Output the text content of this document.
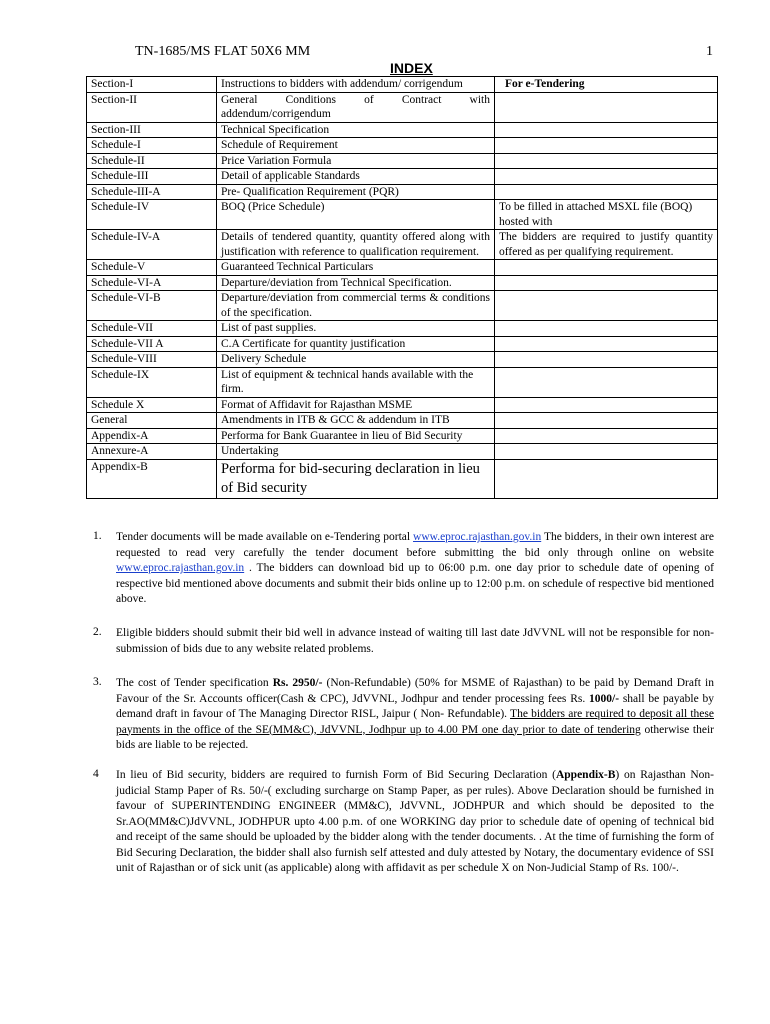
TN-1685/MS FLAT 50X6 MM	1
INDEX
Section-I	Instructions to bidders with addendum/ corrigendum	For e-Tendering
Section-II	General Conditions of Contract with addendum/corrigendum	
Section-III	Technical Specification	
Schedule-I	Schedule of Requirement	
Schedule-II	Price Variation Formula	
Schedule-III	Detail of applicable Standards	
Schedule-III-A	Pre- Qualification Requirement (PQR)	
Schedule-IV	BOQ (Price Schedule)	To be filled in attached MSXL file (BOQ) hosted with
Schedule-IV-A	Details of tendered quantity, quantity offered along with justification with reference to qualification requirement.	The bidders are required to justify quantity offered as per qualifying requirement.
Schedule-V	Guaranteed Technical Particulars	
Schedule-VI-A	Departure/deviation from Technical Specification.	
Schedule-VI-B	Departure/deviation from commercial terms & conditions of the specification.	
Schedule-VII	List of past supplies.	
Schedule-VII A	C.A Certificate for quantity justification	
Schedule-VIII	Delivery Schedule	
Schedule-IX	List of equipment & technical hands available with the firm.	
Schedule X	Format of Affidavit for Rajasthan MSME	
General	Amendments in ITB & GCC & addendum in ITB	
Appendix-A	Performa for Bank Guarantee in lieu of Bid Security	
Annexure-A	Undertaking	
Appendix-B	Performa for bid-securing declaration in lieu of Bid security	
1. Tender documents will be made available on e-Tendering portal www.eproc.rajasthan.gov.in The bidders, in their own interest are requested to read very carefully the tender document before submitting the bid only through online on website www.eproc.rajasthan.gov.in . The bidders can download bid up to 06:00 p.m. one day prior to schedule date of opening of respective bid mentioned above documents and submit their bids online up to 12:00 p.m. on schedule of respective bid mentioned above.
2. Eligible bidders should submit their bid well in advance instead of waiting till last date JdVVNL will not be responsible for non-submission of bids due to any website related problems.
3. The cost of Tender specification Rs. 2950/- (Non-Refundable) (50% for MSME of Rajasthan) to be paid by Demand Draft in Favour of the Sr. Accounts officer(Cash & CPC), JdVVNL, Jodhpur and tender processing fees Rs. 1000/- shall be payable by demand draft in favour of The Managing Director RISL, Jaipur ( Non- Refundable). The bidders are required to deposit all these payments in the office of the SE(MM&C), JdVVNL, Jodhpur up to 4.00 PM one day prior to date of tendering otherwise their bids are liable to be rejected.
4 In lieu of Bid security, bidders are required to furnish Form of Bid Securing Declaration (Appendix-B) on Rajasthan Non-judicial Stamp Paper of Rs. 50/-( excluding surcharge on Stamp Paper, as per rules). Above Declaration should be furnished in favour of SUPERINTENDING ENGINEER (MM&C), JdVVNL, JODHPUR and which should be deposited to the Sr.AO(MM&C)JdVVNL, JODHPUR upto 4.00 p.m. of one WORKING day prior to schedule date of opening of technical bid and receipt of the same should be uploaded by the bidder along with the tender documents. . At the time of furnishing the form of Bid Securing Declaration, the bidder shall also furnish self attested and duly attested by Notary, the documentary evidence of SSI unit of Rajasthan or of sick unit (as applicable) along with affidavit as per schedule X on Non-Judicial Stamp of Rs. 100/-.
